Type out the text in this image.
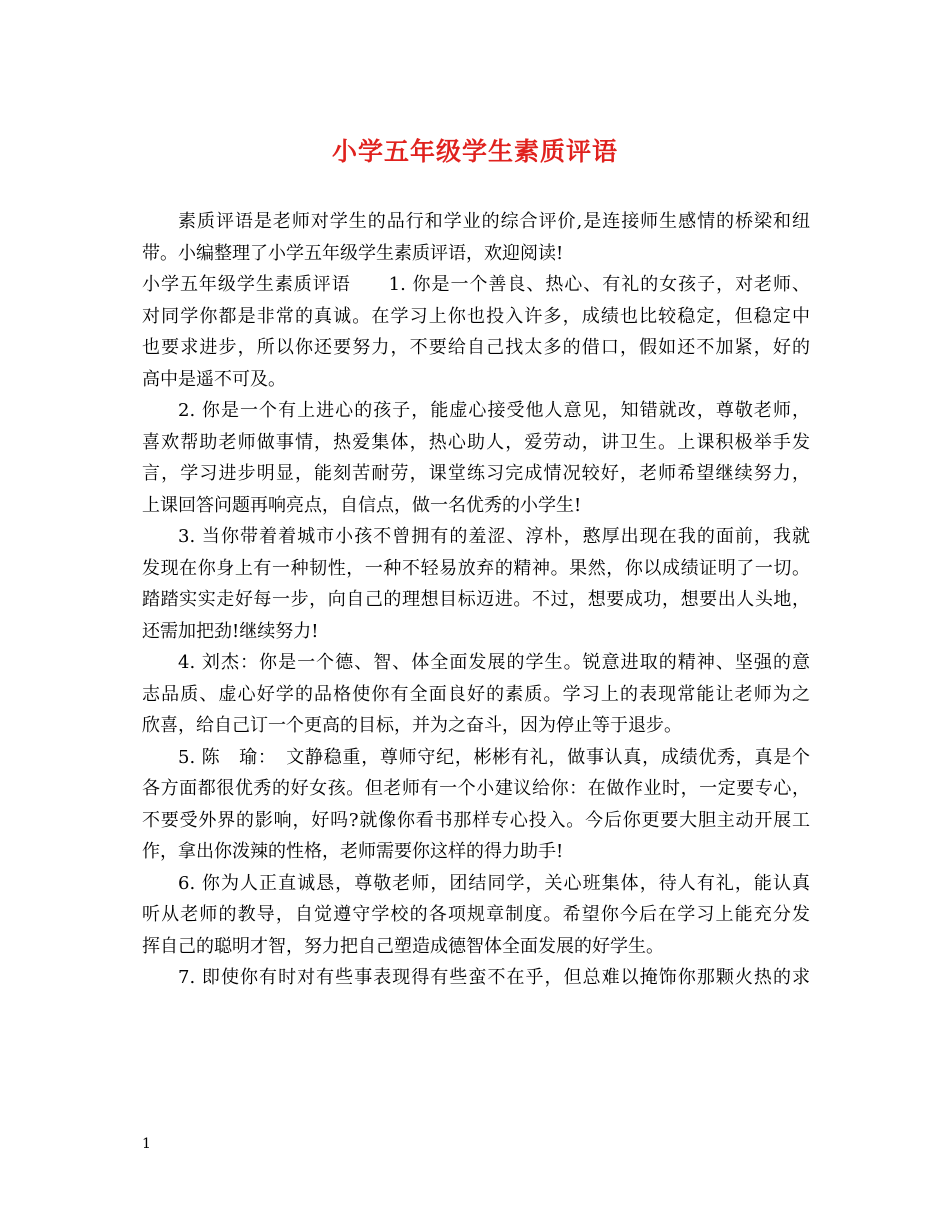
小学五年级学生素质评语
素质评语是老师对学生的品行和学业的综合评价,是连接师生感情的桥梁和纽
带。小编整理了小学五年级学生素质评语，欢迎阅读!
小学五年级学生素质评语　　1. 你是一个善良、热心、有礼的女孩子，对老师、
对同学你都是非常的真诚。在学习上你也投入许多，成绩也比较稳定，但稳定中
也要求进步，所以你还要努力，不要给自己找太多的借口，假如还不加紧，好的
高中是遥不可及。
2. 你是一个有上进心的孩子，能虚心接受他人意见，知错就改，尊敬老师，
喜欢帮助老师做事情，热爱集体，热心助人，爱劳动，讲卫生。上课积极举手发
言，学习进步明显，能刻苦耐劳，课堂练习完成情况较好，老师希望继续努力，
上课回答问题再响亮点，自信点，做一名优秀的小学生!
3. 当你带着着城市小孩不曾拥有的羞涩、淳朴，憨厚出现在我的面前，我就
发现在你身上有一种韧性，一种不轻易放弃的精神。果然，你以成绩证明了一切。
踏踏实实走好每一步，向自己的理想目标迈进。不过，想要成功，想要出人头地，
还需加把劲!继续努力!
4. 刘杰：你是一个德、智、体全面发展的学生。锐意进取的精神、坚强的意
志品质、虚心好学的品格使你有全面良好的素质。学习上的表现常能让老师为之
欣喜，给自己订一个更高的目标，并为之奋斗，因为停止等于退步。
5. 陈　瑜：　文静稳重，尊师守纪，彬彬有礼，做事认真，成绩优秀，真是个
各方面都很优秀的好女孩。但老师有一个小建议给你：在做作业时，一定要专心，
不要受外界的影响，好吗?就像你看书那样专心投入。今后你更要大胆主动开展工
作，拿出你泼辣的性格，老师需要你这样的得力助手!
6. 你为人正直诚恳，尊敬老师，团结同学，关心班集体，待人有礼，能认真
听从老师的教导，自觉遵守学校的各项规章制度。希望你今后在学习上能充分发
挥自己的聪明才智，努力把自己塑造成德智体全面发展的好学生。
7. 即使你有时对有些事表现得有些蛮不在乎，但总难以掩饰你那颗火热的求
1
